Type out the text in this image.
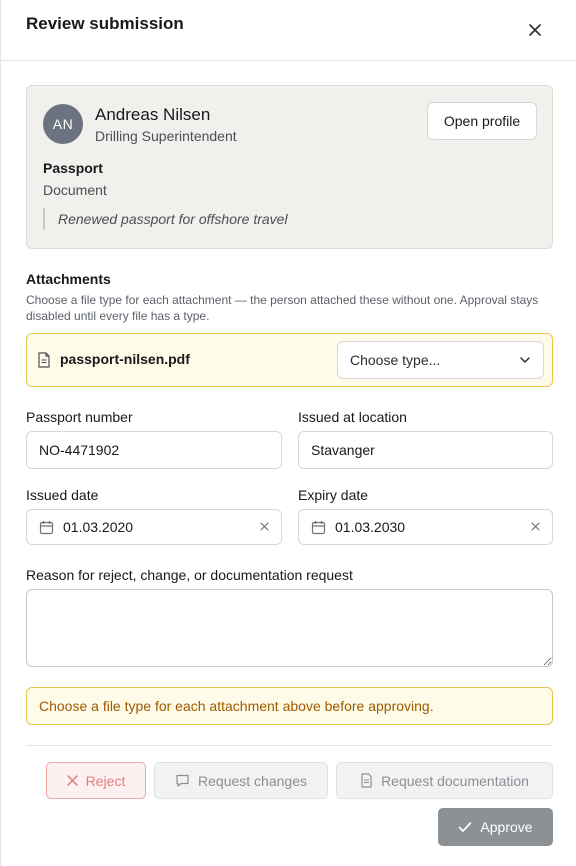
Review submission
AN	Andreas Nilsen
Drilling Superintendent
Open profile
Passport
Document
Renewed passport for offshore travel
Attachments
Choose a file type for each attachment — the person attached these without one. Approval stays disabled until every file has a type.
passport-nilsen.pdf	Choose type...
Passport number
NO-4471902
Issued at location
Stavanger
Issued date
01.03.2020
Expiry date
01.03.2030
Reason for reject, change, or documentation request
Choose a file type for each attachment above before approving.
Reject	Request changes	Request documentation
Approve
